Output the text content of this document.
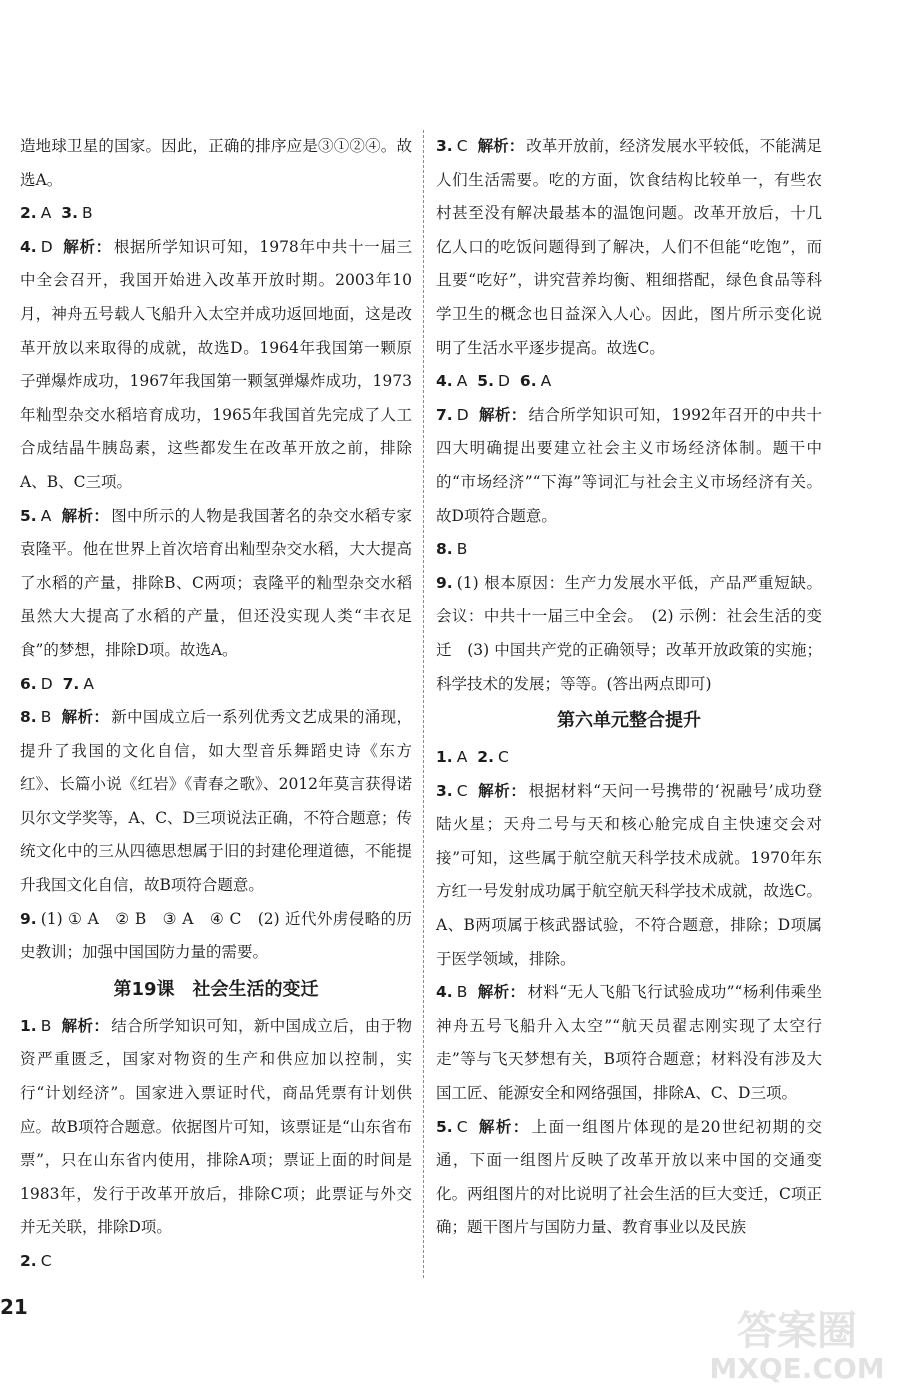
造地球卫星的国家。因此，正确的排序应是③①②④。故选A。

2. A 3. B

4. D 解析： 根据所学知识可知，1978年中共十一届三中全会召开，我国开始进入改革开放时期。2003年10月，神舟五号载人飞船升入太空并成功返回地面，这是改革开放以来取得的成就，故选D。1964年我国第一颗原子弹爆炸成功，1967年我国第一颗氢弹爆炸成功，1973年籼型杂交水稻培育成功，1965年我国首先完成了人工合成结晶牛胰岛素，这些都发生在改革开放之前，排除A、B、C三项。

5. A 解析： 图中所示的人物是我国著名的杂交水稻专家袁隆平。他在世界上首次培育出籼型杂交水稻，大大提高了水稻的产量，排除B、C两项；袁隆平的籼型杂交水稻虽然大大提高了水稻的产量，但还没实现人类“丰衣足食”的梦想，排除D项。故选A。

6. D 7. A

8. B 解析： 新中国成立后一系列优秀文艺成果的涌现，提升了我国的文化自信，如大型音乐舞蹈史诗《东方红》、长篇小说《红岩》《青春之歌》、2012年莫言获得诺贝尔文学奖等，A、C、D三项说法正确，不符合题意；传统文化中的三从四德思想属于旧的封建伦理道德，不能提升我国文化自信，故B项符合题意。

9. (1) ① A　② B　③ A　④ C　(2) 近代外虏侵略的历史教训；加强中国国防力量的需要。

第19课　社会生活的变迁

1. B 解析： 结合所学知识可知，新中国成立后，由于物资严重匮乏，国家对物资的生产和供应加以控制，实行“计划经济”。国家进入票证时代，商品凭票有计划供应。故B项符合题意。依据图片可知，该票证是“山东省布票”，只在山东省内使用，排除A项；票证上面的时间是1983年，发行于改革开放后，排除C项；此票证与外交并无关联，排除D项。

2. C

3. C 解析： 改革开放前，经济发展水平较低，不能满足人们生活需要。吃的方面，饮食结构比较单一，有些农村甚至没有解决最基本的温饱问题。改革开放后，十几亿人口的吃饭问题得到了解决，人们不但能“吃饱”，而且要“吃好”，讲究营养均衡、粗细搭配，绿色食品等科学卫生的概念也日益深入人心。因此，图片所示变化说明了生活水平逐步提高。故选C。

4. A 5. D 6. A

7. D 解析： 结合所学知识可知，1992年召开的中共十四大明确提出要建立社会主义市场经济体制。题干中的“市场经济”“下海”等词汇与社会主义市场经济有关。故D项符合题意。

8. B

9. (1) 根本原因：生产力发展水平低，产品严重短缺。会议：中共十一届三中全会。　(2) 示例：社会生活的变迁　(3) 中国共产党的正确领导；改革开放政策的实施；科学技术的发展；等等。(答出两点即可)

第六单元整合提升

1. A 2. C

3. C 解析： 根据材料“天问一号携带的‘祝融号’成功登陆火星；天舟二号与天和核心舱完成自主快速交会对接”可知，这些属于航空航天科学技术成就。1970年东方红一号发射成功属于航空航天科学技术成就，故选C。A、B两项属于核武器试验，不符合题意，排除；D项属于医学领域，排除。

4. B 解析： 材料“无人飞船飞行试验成功”“杨利伟乘坐神舟五号飞船升入太空”“航天员翟志刚实现了太空行走”等与飞天梦想有关，B项符合题意；材料没有涉及大国工匠、能源安全和网络强国，排除A、C、D三项。

5. C 解析： 上面一组图片体现的是20世纪初期的交通，下面一组图片反映了改革开放以来中国的交通变化。两组图片的对比说明了社会生活的巨大变迁，C项正确；题干图片与国防力量、教育事业以及民族

21
答案圈
MXQE.COM
